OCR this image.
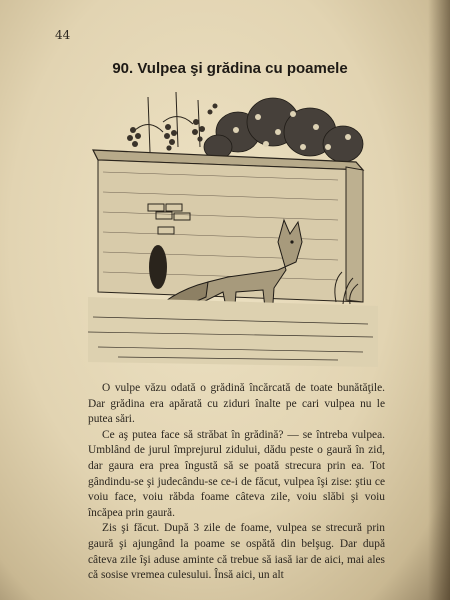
44
90. Vulpea şi grădina cu poamele

O vulpe văzu odată o grădină încărcată de toate bunătăţile. Dar grădina era apărată cu ziduri înalte pe cari vulpea nu le putea sări.

Ce aş putea face să străbat în grădină? — se întreba vulpea. Umblând de jurul împrejurul zidului, dădu peste o gaură în zid, dar gaura era prea îngustă să se poată strecura prin ea. Tot gândindu-se şi judecându-se ce-i de făcut, vulpea îşi zise: ştiu ce voiu face, voiu răbda foame câteva zile, voiu slăbi şi voiu încăpea prin gaură.

Zis şi făcut. După 3 zile de foame, vulpea se strecură prin gaură şi ajungând la poame se ospătă din belşug. Dar după câteva zile îşi aduse aminte că trebue să iasă iar de aici, mai ales că sosise vremea culesului. Însă aici, un alt
